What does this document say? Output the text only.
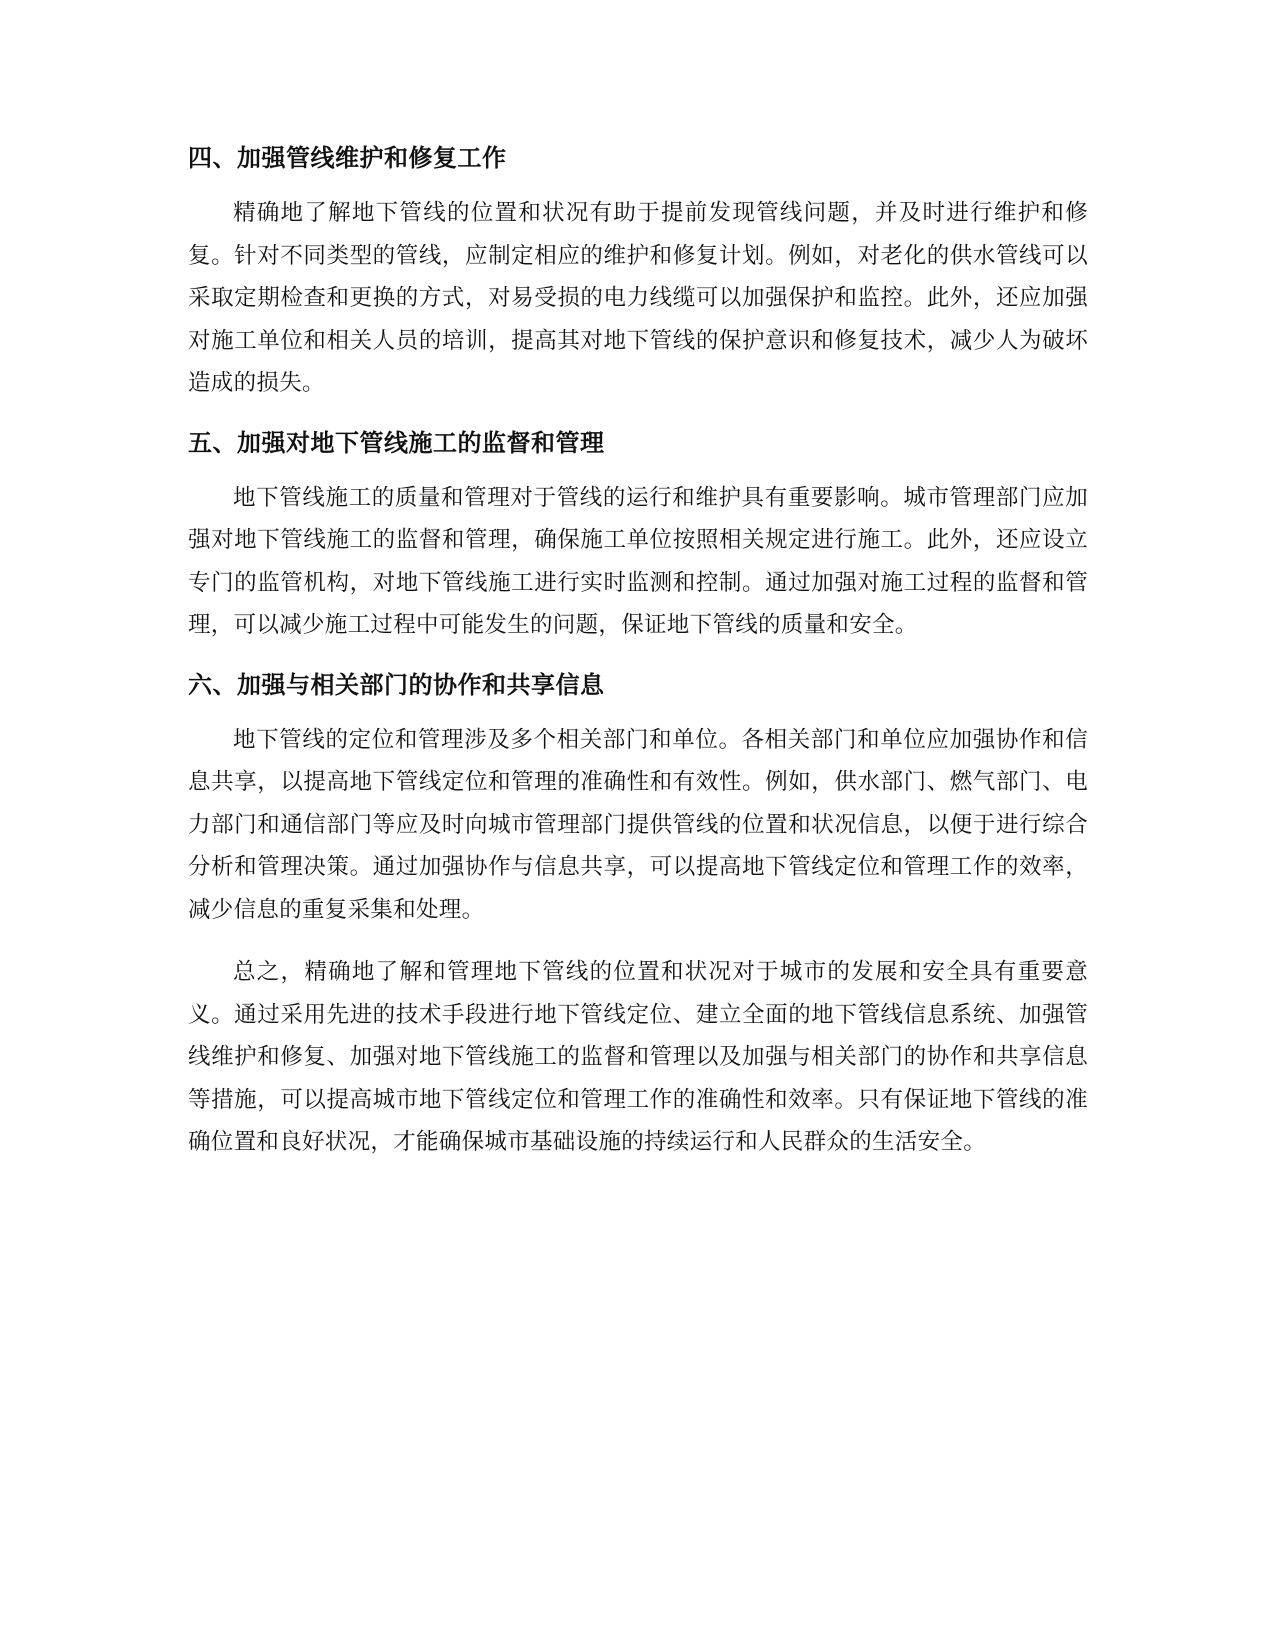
四、加强管线维护和修复工作

精确地了解地下管线的位置和状况有助于提前发现管线问题，并及时进行维护和修复。针对不同类型的管线，应制定相应的维护和修复计划。例如，对老化的供水管线可以采取定期检查和更换的方式，对易受损的电力线缆可以加强保护和监控。此外，还应加强对施工单位和相关人员的培训，提高其对地下管线的保护意识和修复技术，减少人为破坏造成的损失。

五、加强对地下管线施工的监督和管理

地下管线施工的质量和管理对于管线的运行和维护具有重要影响。城市管理部门应加强对地下管线施工的监督和管理，确保施工单位按照相关规定进行施工。此外，还应设立专门的监管机构，对地下管线施工进行实时监测和控制。通过加强对施工过程的监督和管理，可以减少施工过程中可能发生的问题，保证地下管线的质量和安全。

六、加强与相关部门的协作和共享信息

地下管线的定位和管理涉及多个相关部门和单位。各相关部门和单位应加强协作和信息共享，以提高地下管线定位和管理的准确性和有效性。例如，供水部门、燃气部门、电力部门和通信部门等应及时向城市管理部门提供管线的位置和状况信息，以便于进行综合分析和管理决策。通过加强协作与信息共享，可以提高地下管线定位和管理工作的效率，减少信息的重复采集和处理。

总之，精确地了解和管理地下管线的位置和状况对于城市的发展和安全具有重要意义。通过采用先进的技术手段进行地下管线定位、建立全面的地下管线信息系统、加强管线维护和修复、加强对地下管线施工的监督和管理以及加强与相关部门的协作和共享信息等措施，可以提高城市地下管线定位和管理工作的准确性和效率。只有保证地下管线的准确位置和良好状况，才能确保城市基础设施的持续运行和人民群众的生活安全。
